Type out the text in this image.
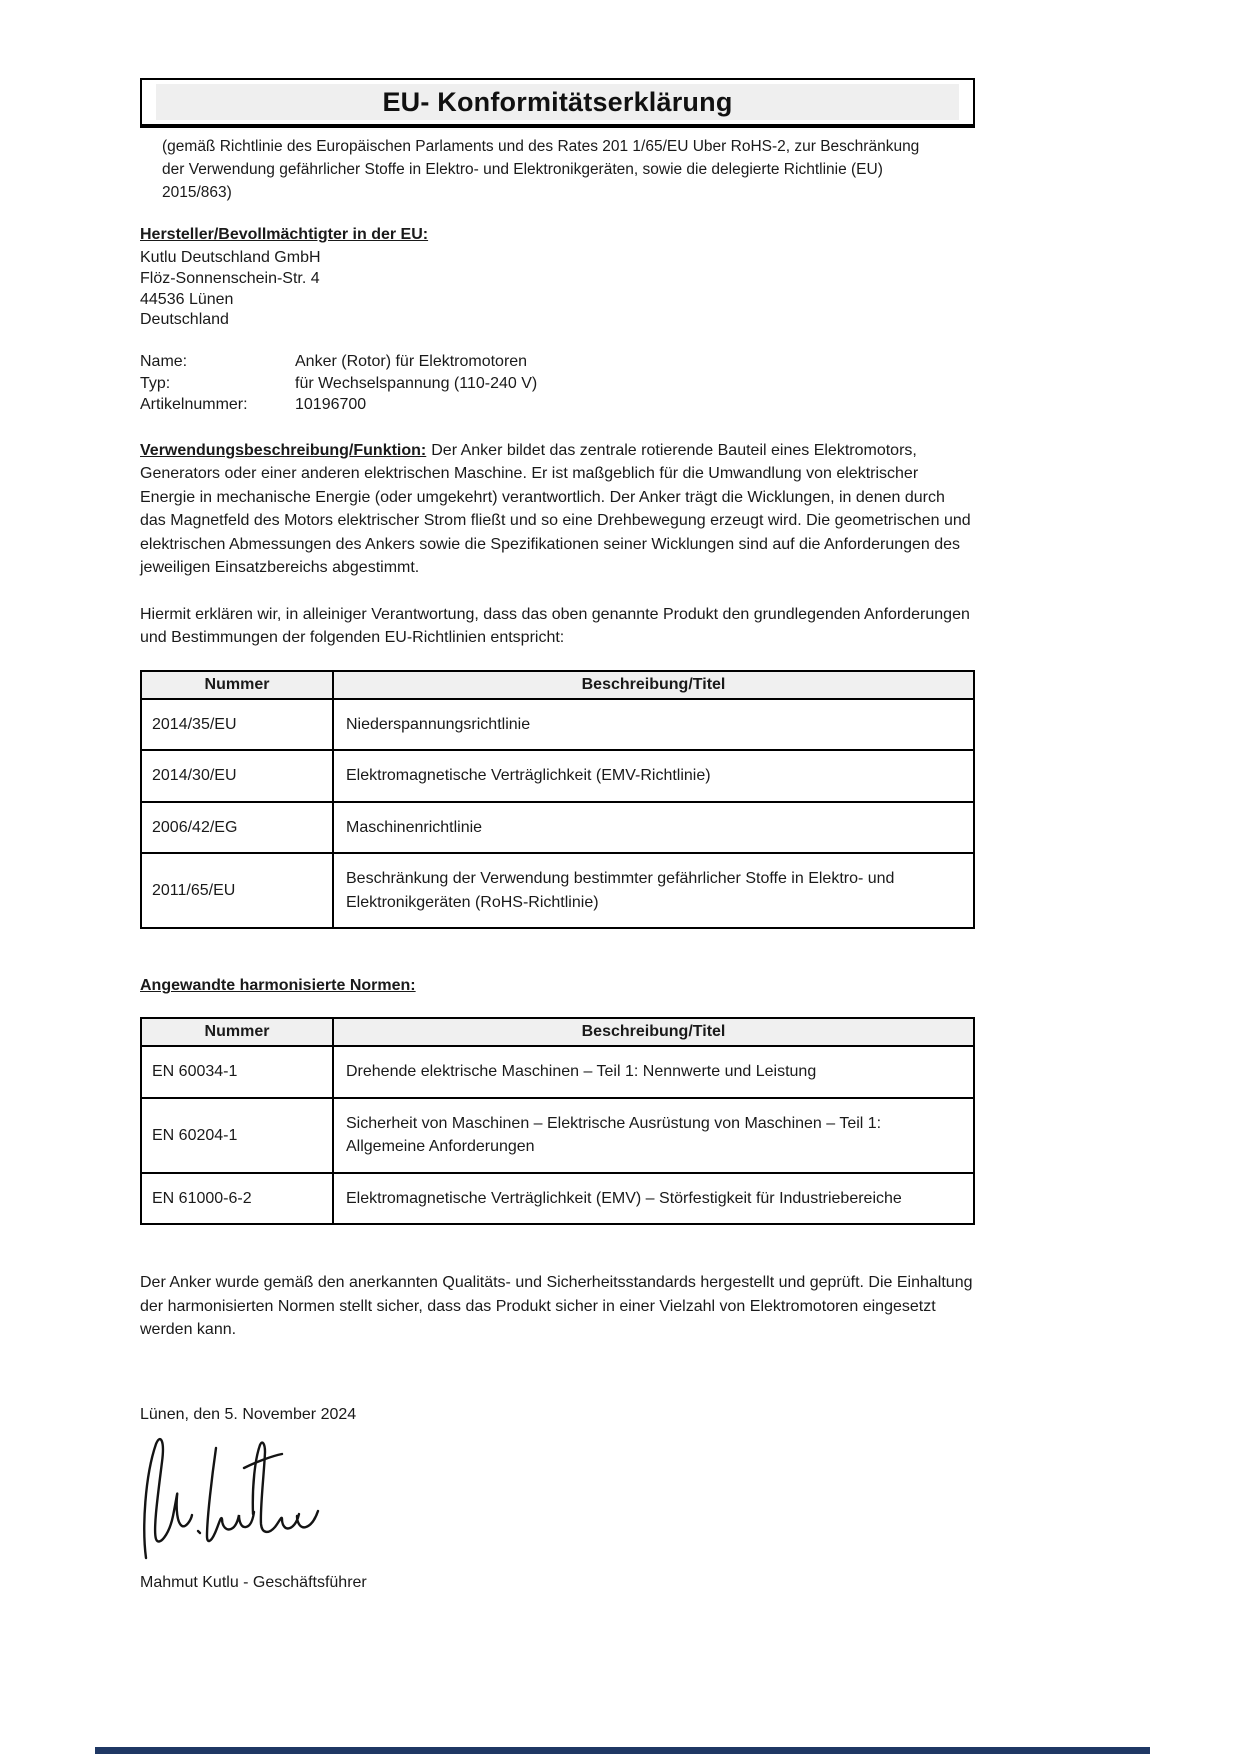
EU- Konformitätserklärung

(gemäß Richtlinie des Europäischen Parlaments und des Rates 201 1/65/EU Uber RoHS-2, zur Beschränkung der Verwendung gefährlicher Stoffe in Elektro- und Elektronikgeräten, sowie die delegierte Richtlinie (EU) 2015/863)

Hersteller/Bevollmächtigter in der EU:

Kutlu Deutschland GmbH
Flöz-Sonnenschein-Str. 4
44536 Lünen
Deutschland
Name:	Anker (Rotor) für Elektromotoren
Typ:	für Wechselspannung (110-240 V)
Artikelnummer:	10196700

Verwendungsbeschreibung/Funktion: Der Anker bildet das zentrale rotierende Bauteil eines Elektromotors, Generators oder einer anderen elektrischen Maschine. Er ist maßgeblich für die Umwandlung von elektrischer Energie in mechanische Energie (oder umgekehrt) verantwortlich. Der Anker trägt die Wicklungen, in denen durch das Magnetfeld des Motors elektrischer Strom fließt und so eine Drehbewegung erzeugt wird. Die geometrischen und elektrischen Abmessungen des Ankers sowie die Spezifikationen seiner Wicklungen sind auf die Anforderungen des jeweiligen Einsatzbereichs abgestimmt.

Hiermit erklären wir, in alleiniger Verantwortung, dass das oben genannte Produkt den grundlegenden Anforderungen und Bestimmungen der folgenden EU-Richtlinien entspricht:

Nummer	Beschreibung/Titel
2014/35/EU	Niederspannungsrichtlinie
2014/30/EU	Elektromagnetische Verträglichkeit (EMV-Richtlinie)
2006/42/EG	Maschinenrichtlinie
2011/65/EU	Beschränkung der Verwendung bestimmter gefährlicher Stoffe in Elektro- und Elektronikgeräten (RoHS-Richtlinie)

Angewandte harmonisierte Normen:

Nummer	Beschreibung/Titel
EN 60034-1	Drehende elektrische Maschinen – Teil 1: Nennwerte und Leistung
EN 60204-1	Sicherheit von Maschinen – Elektrische Ausrüstung von Maschinen – Teil 1: Allgemeine Anforderungen
EN 61000-6-2	Elektromagnetische Verträglichkeit (EMV) – Störfestigkeit für Industriebereiche

Der Anker wurde gemäß den anerkannten Qualitäts- und Sicherheitsstandards hergestellt und geprüft. Die Einhaltung der harmonisierten Normen stellt sicher, dass das Produkt sicher in einer Vielzahl von Elektromotoren eingesetzt werden kann.

Lünen, den 5. November 2024

Mahmut Kutlu - Geschäftsführer
